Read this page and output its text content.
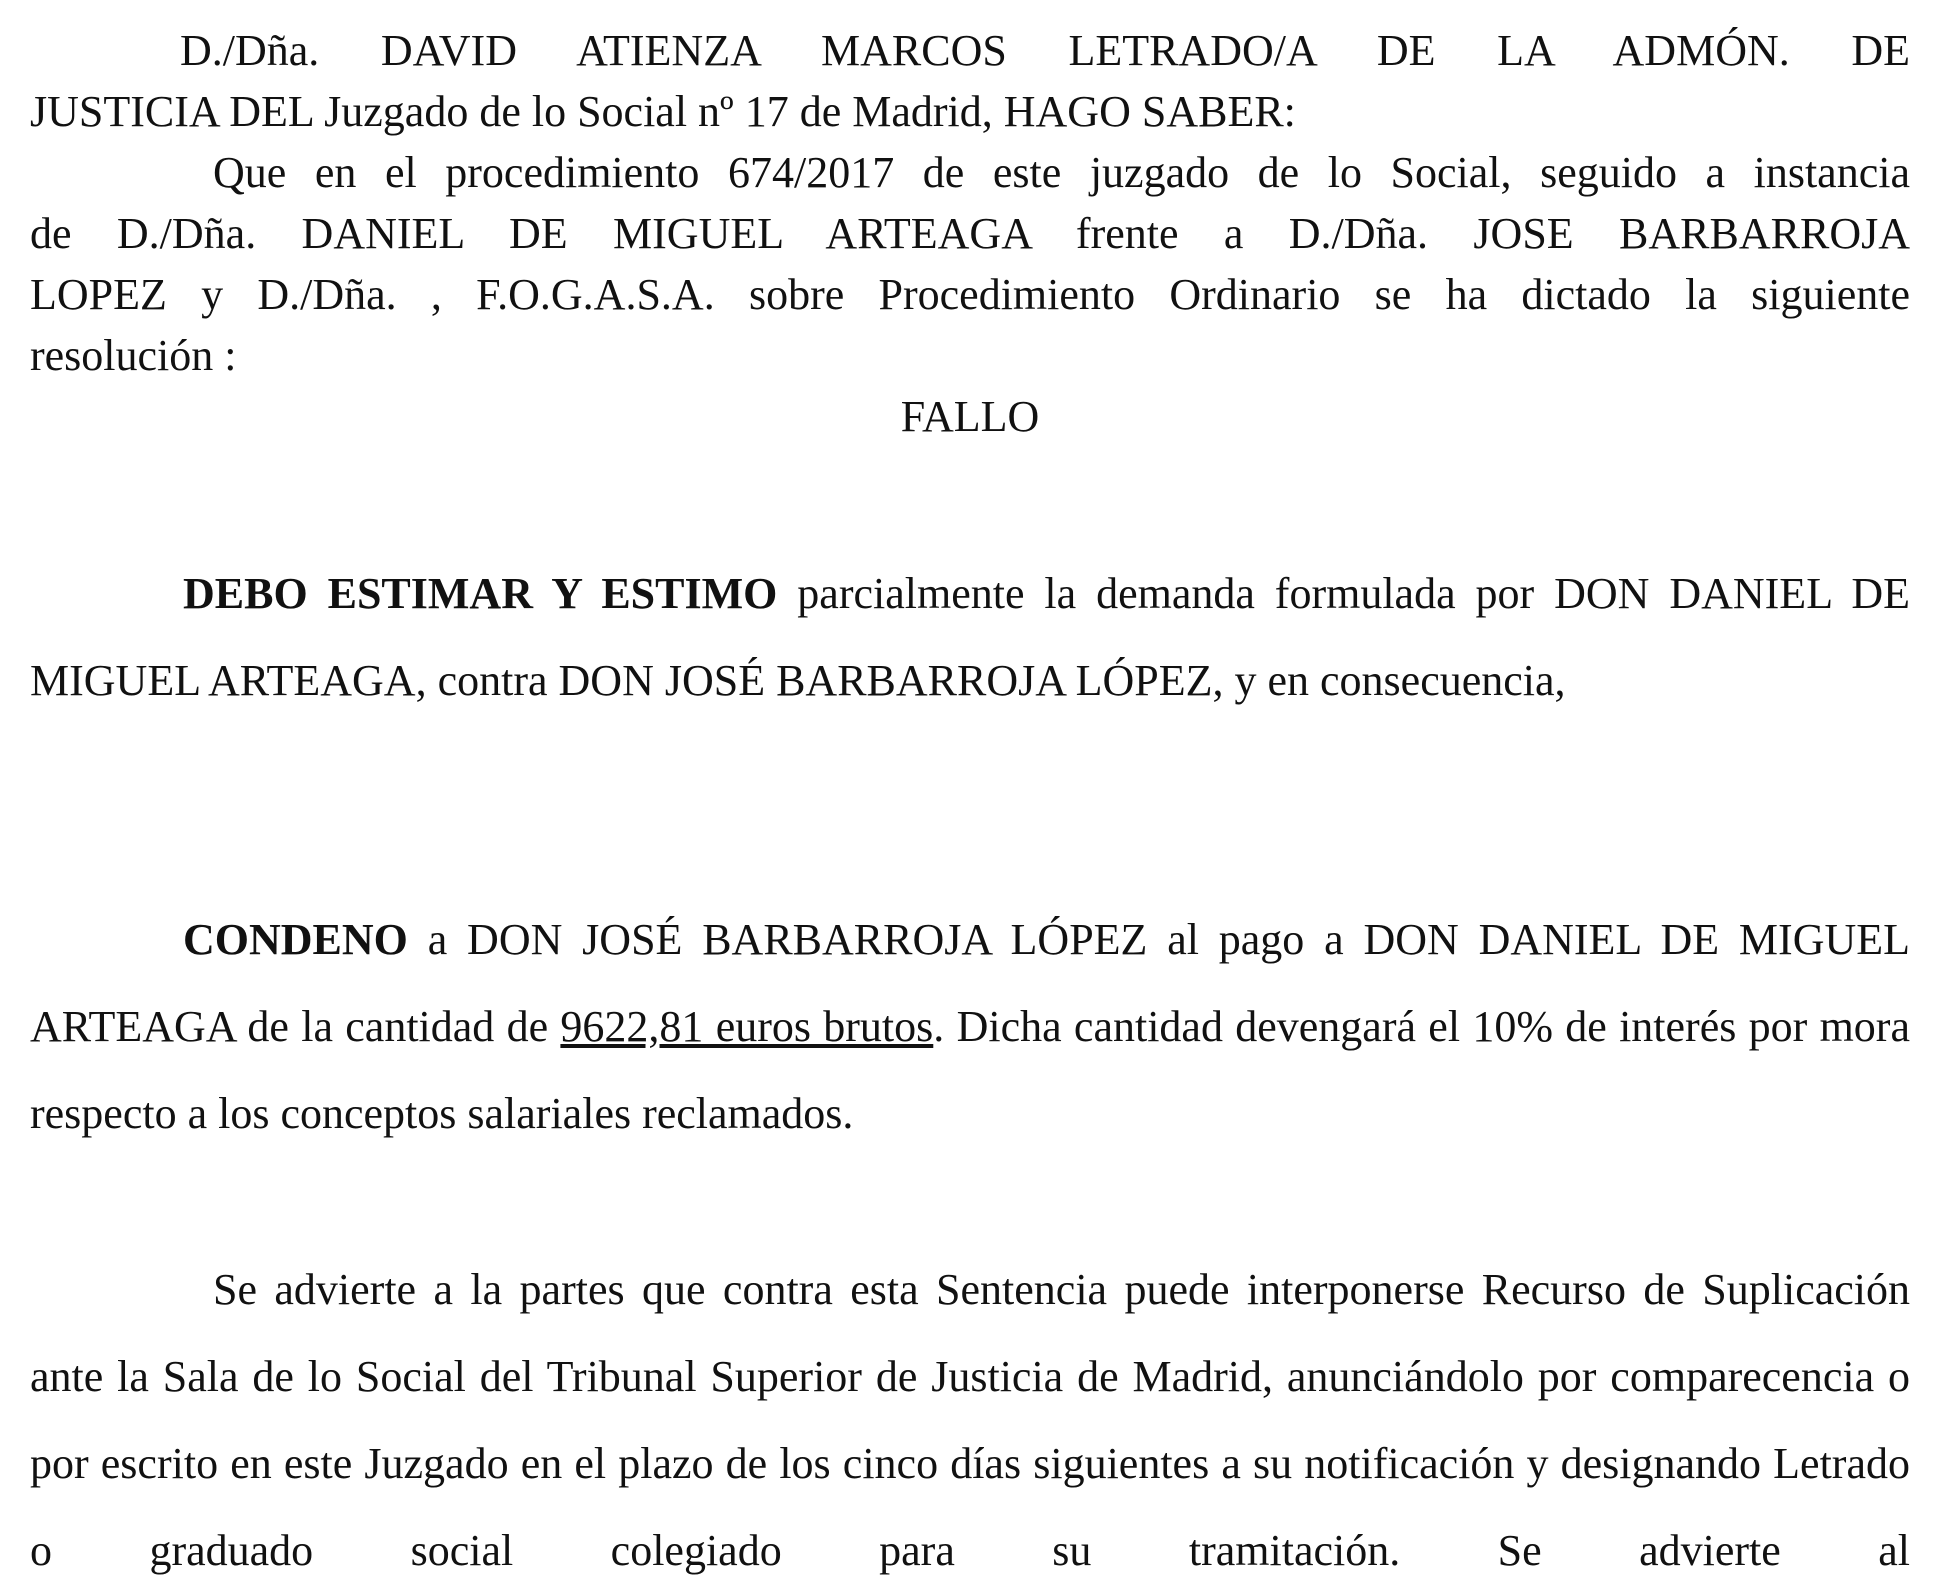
D./Dña. DAVID ATIENZA MARCOS LETRADO/A DE LA ADMÓN. DE

JUSTICIA DEL Juzgado de lo Social nº 17 de Madrid, HAGO SABER:

Que en el procedimiento 674/2017 de este juzgado de lo Social, seguido a instancia

de D./Dña. DANIEL DE MIGUEL ARTEAGA frente a D./Dña. JOSE BARBARROJA

LOPEZ y D./Dña. , F.O.G.A.S.A. sobre Procedimiento Ordinario se ha dictado la siguiente

resolución :

FALLO

DEBO ESTIMAR Y ESTIMO parcialmente la demanda formulada por DON DANIEL DE MIGUEL ARTEAGA, contra DON JOSÉ BARBARROJA LÓPEZ, y en consecuencia,

CONDENO a DON JOSÉ BARBARROJA LÓPEZ al pago a DON DANIEL DE MIGUEL ARTEAGA de la cantidad de 9622,81 euros brutos. Dicha cantidad devengará el 10% de interés por mora respecto a los conceptos salariales reclamados.

Se advierte a la partes que contra esta Sentencia puede interponerse Recurso de Suplicación ante la Sala de lo Social del Tribunal Superior de Justicia de Madrid, anunciándolo por comparecencia o por escrito en este Juzgado en el plazo de los cinco días siguientes a su notificación y designando Letrado o graduado social colegiado para su tramitación. Se advierte al
